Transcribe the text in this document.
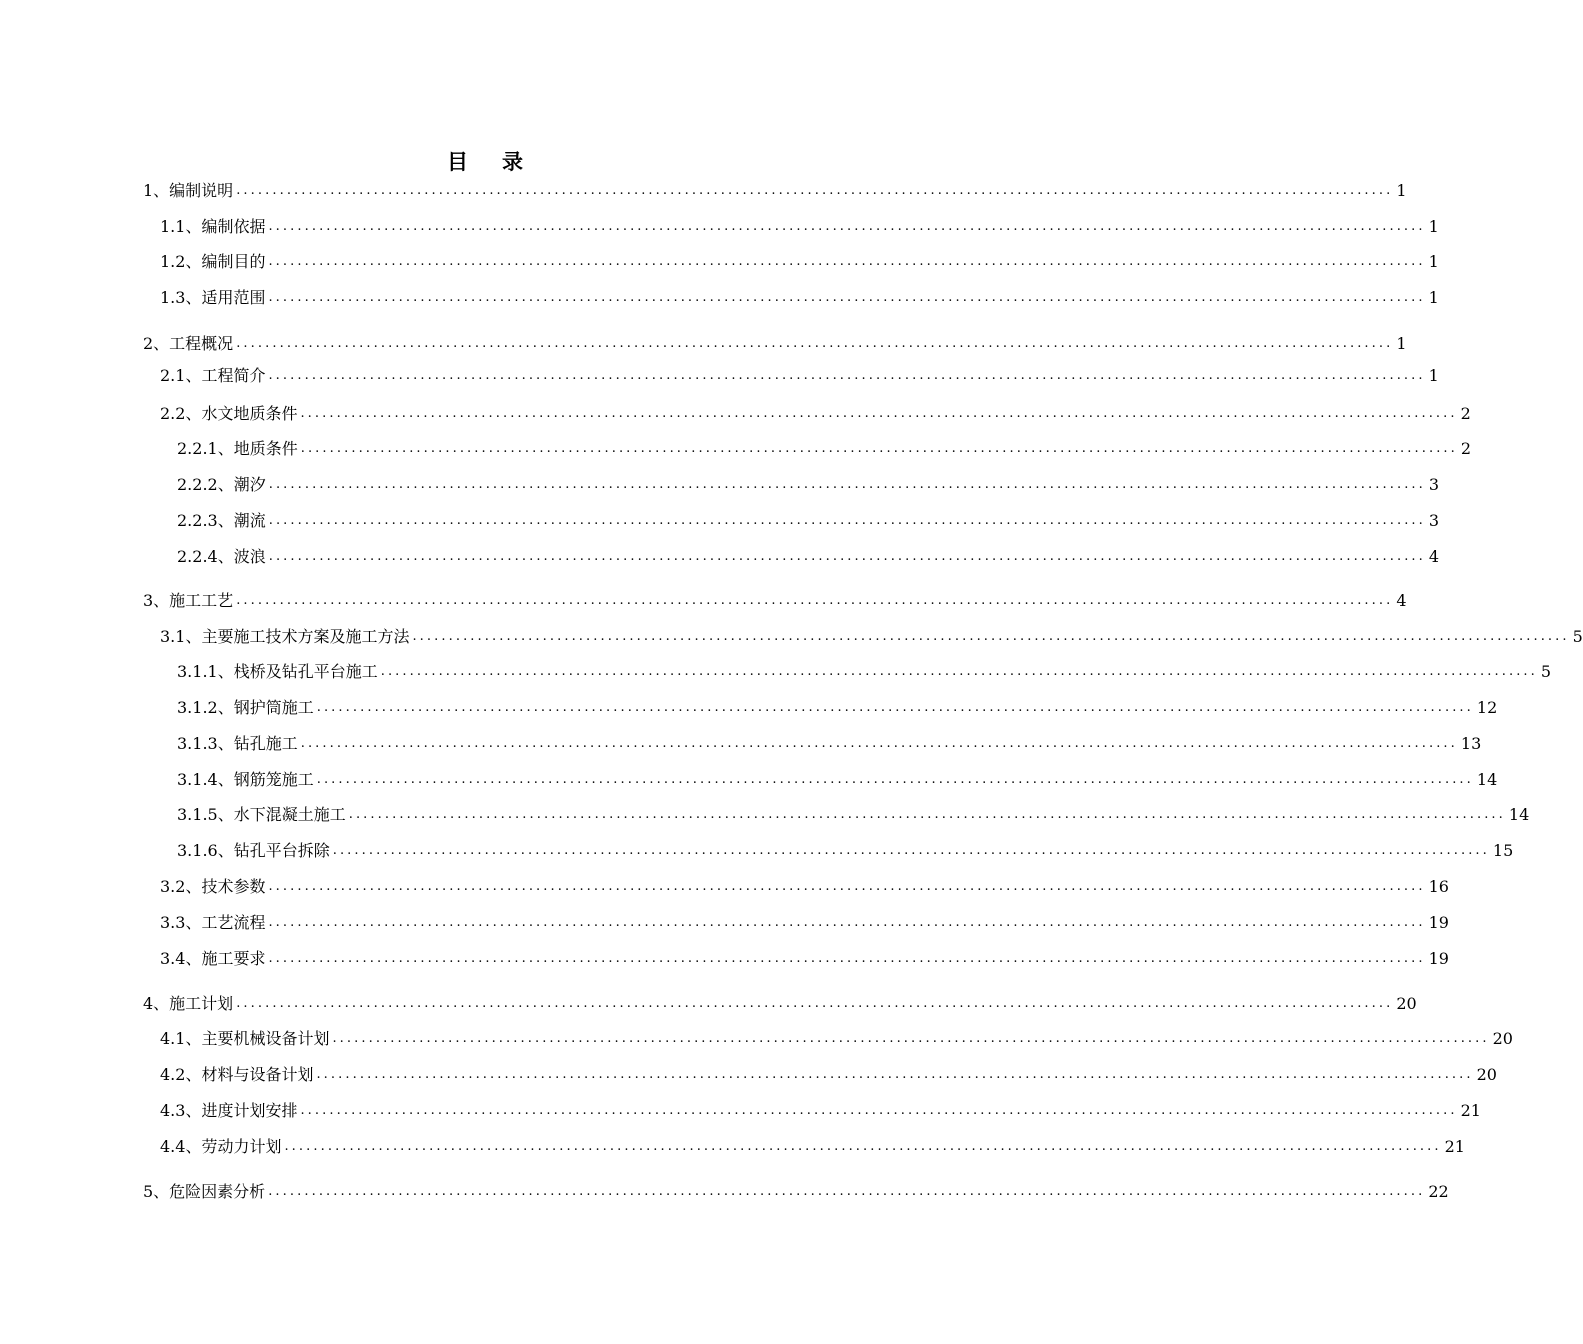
目录
1、编制说明 ................................................................................................................................................................ 1
1.1、编制依据 ................................................................................................................................................................ 1
1.2、编制目的 ................................................................................................................................................................ 1
1.3、适用范围 ................................................................................................................................................................ 1
2、工程概况 ................................................................................................................................................................ 1
2.1、工程简介 ................................................................................................................................................................ 1
2.2、水文地质条件 ................................................................................................................................................................ 2
2.2.1、地质条件 ................................................................................................................................................................ 2
2.2.2、潮汐 ................................................................................................................................................................ 3
2.2.3、潮流 ................................................................................................................................................................ 3
2.2.4、波浪 ................................................................................................................................................................ 4
3、施工工艺 ................................................................................................................................................................ 4
3.1、主要施工技术方案及施工方法 ................................................................................................................................................................ 5
3.1.1、栈桥及钻孔平台施工 ................................................................................................................................................................ 5
3.1.2、钢护筒施工 ................................................................................................................................................................ 12
3.1.3、钻孔施工 ................................................................................................................................................................ 13
3.1.4、钢筋笼施工 ................................................................................................................................................................ 14
3.1.5、水下混凝土施工 ................................................................................................................................................................ 14
3.1.6、钻孔平台拆除 ................................................................................................................................................................ 15
3.2、技术参数 ................................................................................................................................................................ 16
3.3、工艺流程 ................................................................................................................................................................ 19
3.4、施工要求 ................................................................................................................................................................ 19
4、施工计划 ................................................................................................................................................................ 20
4.1、主要机械设备计划 ................................................................................................................................................................ 20
4.2、材料与设备计划 ................................................................................................................................................................ 20
4.3、进度计划安排 ................................................................................................................................................................ 21
4.4、劳动力计划 ................................................................................................................................................................ 21
5、危险因素分析 ................................................................................................................................................................ 22
